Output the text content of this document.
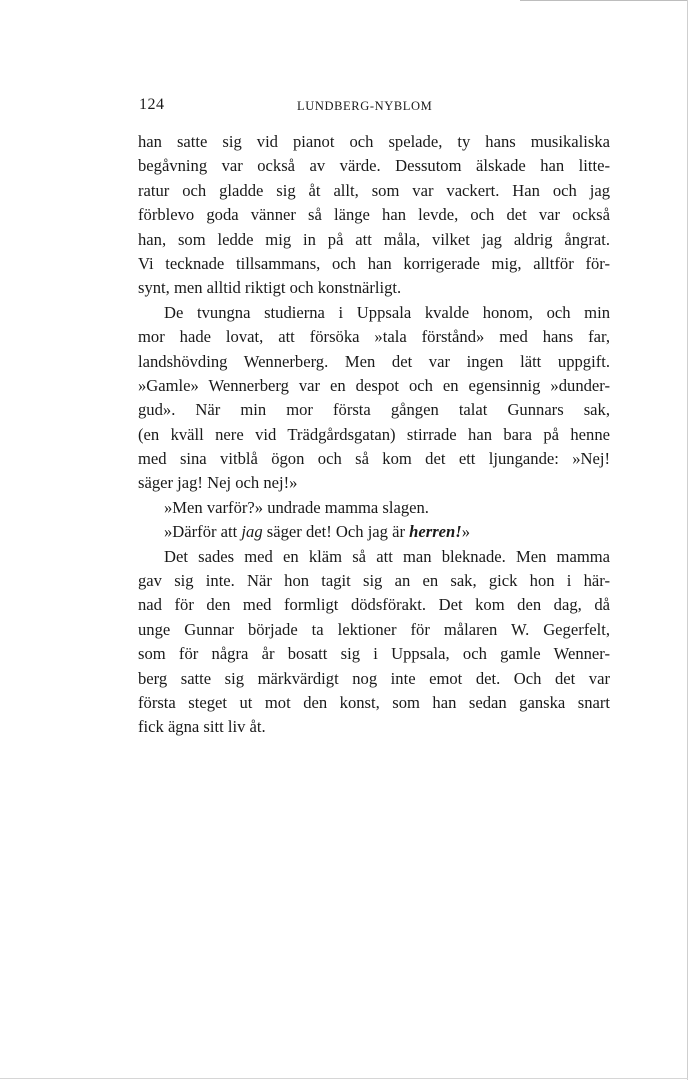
124	LUNDBERG-NYBLOM
han satte sig vid pianot och spelade, ty hans musikaliska
begåvning var också av värde. Dessutom älskade han litte-
ratur och gladde sig åt allt, som var vackert. Han och jag
förblevo goda vänner så länge han levde, och det var också
han, som ledde mig in på att måla, vilket jag aldrig ångrat.
Vi tecknade tillsammans, och han korrigerade mig, alltför för-
synt, men alltid riktigt och konstnärligt.
De tvungna studierna i Uppsala kvalde honom, och min
mor hade lovat, att försöka »tala förstånd» med hans far,
landshövding Wennerberg. Men det var ingen lätt uppgift.
»Gamle» Wennerberg var en despot och en egensinnig »dunder-
gud». När min mor första gången talat Gunnars sak,
(en kväll nere vid Trädgårdsgatan) stirrade han bara på henne
med sina vitblå ögon och så kom det ett ljungande: »Nej!
säger jag! Nej och nej!»
»Men varför?» undrade mamma slagen.
»Därför att jag säger det! Och jag är herren!»
Det sades med en kläm så att man bleknade. Men mamma
gav sig inte. När hon tagit sig an en sak, gick hon i här-
nad för den med formligt dödsförakt. Det kom den dag, då
unge Gunnar började ta lektioner för målaren W. Gegerfelt,
som för några år bosatt sig i Uppsala, och gamle Wenner-
berg satte sig märkvärdigt nog inte emot det. Och det var
första steget ut mot den konst, som han sedan ganska snart
fick ägna sitt liv åt.
